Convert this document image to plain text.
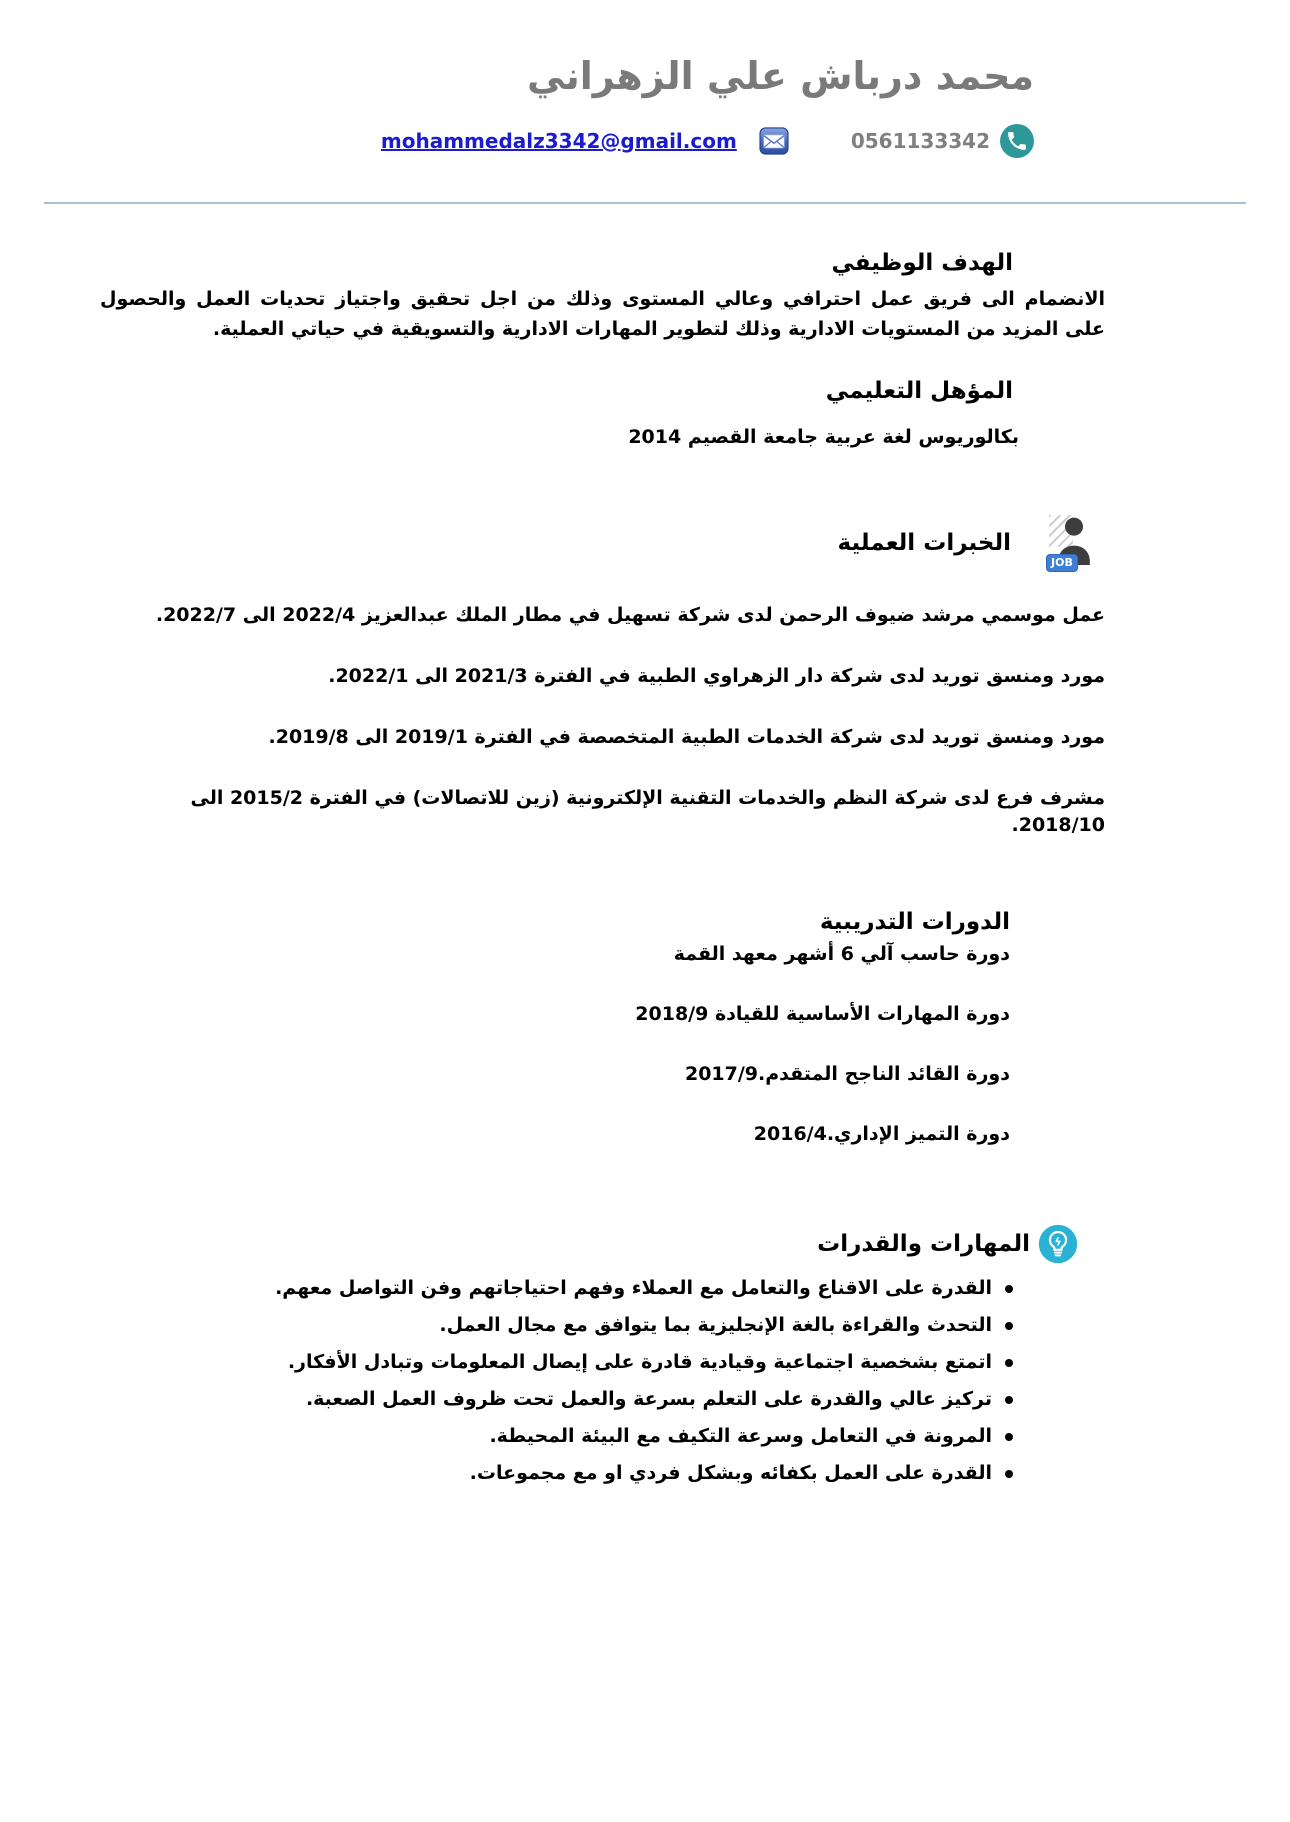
محمد درباش علي الزهراني
0561133342
mohammedalz3342@gmail.com
الهدف الوظيفي

الانضمام الى فريق عمل احترافي وعالي المستوى وذلك من اجل تحقيق واجتياز تحديات العمل والحصول على المزيد من المستويات الادارية وذلك لتطوير المهارات الادارية والتسويقية في حياتي العملية.

المؤهل التعليمي

بكالوريوس لغة عربية جامعة القصيم 2014

JOB
الخبرات العملية

عمل موسمي مرشد ضيوف الرحمن لدى شركة تسهيل في مطار الملك عبدالعزيز 2022/4 الى 2022/7.

مورد ومنسق توريد لدى شركة دار الزهراوي الطبية في الفترة 2021/3 الى 2022/1.

مورد ومنسق توريد لدى شركة الخدمات الطبية المتخصصة في الفترة 2019/1 الى 2019/8.

مشرف فرع لدى شركة النظم والخدمات التقنية الإلكترونية (زين للاتصالات) في الفترة 2015/2 الى 2018/10.

الدورات التدريبية

دورة حاسب آلي 6 أشهر معهد القمة

دورة المهارات الأساسية للقيادة 2018/9

دورة القائد الناجح المتقدم.2017/9

دورة التميز الإداري.2016/4

المهارات والقدرات
القدرة على الاقناع والتعامل مع العملاء وفهم احتياجاتهم وفن التواصل معهم.
التحدث والقراءة بالغة الإنجليزية بما يتوافق مع مجال العمل.
اتمتع بشخصية اجتماعية وقيادية قادرة على إيصال المعلومات وتبادل الأفكار.
تركيز عالي والقدرة على التعلم بسرعة والعمل تحت ظروف العمل الصعبة.
المرونة في التعامل وسرعة التكيف مع البيئة المحيطة.
القدرة على العمل بكفائه وبشكل فردي او مع مجموعات.
